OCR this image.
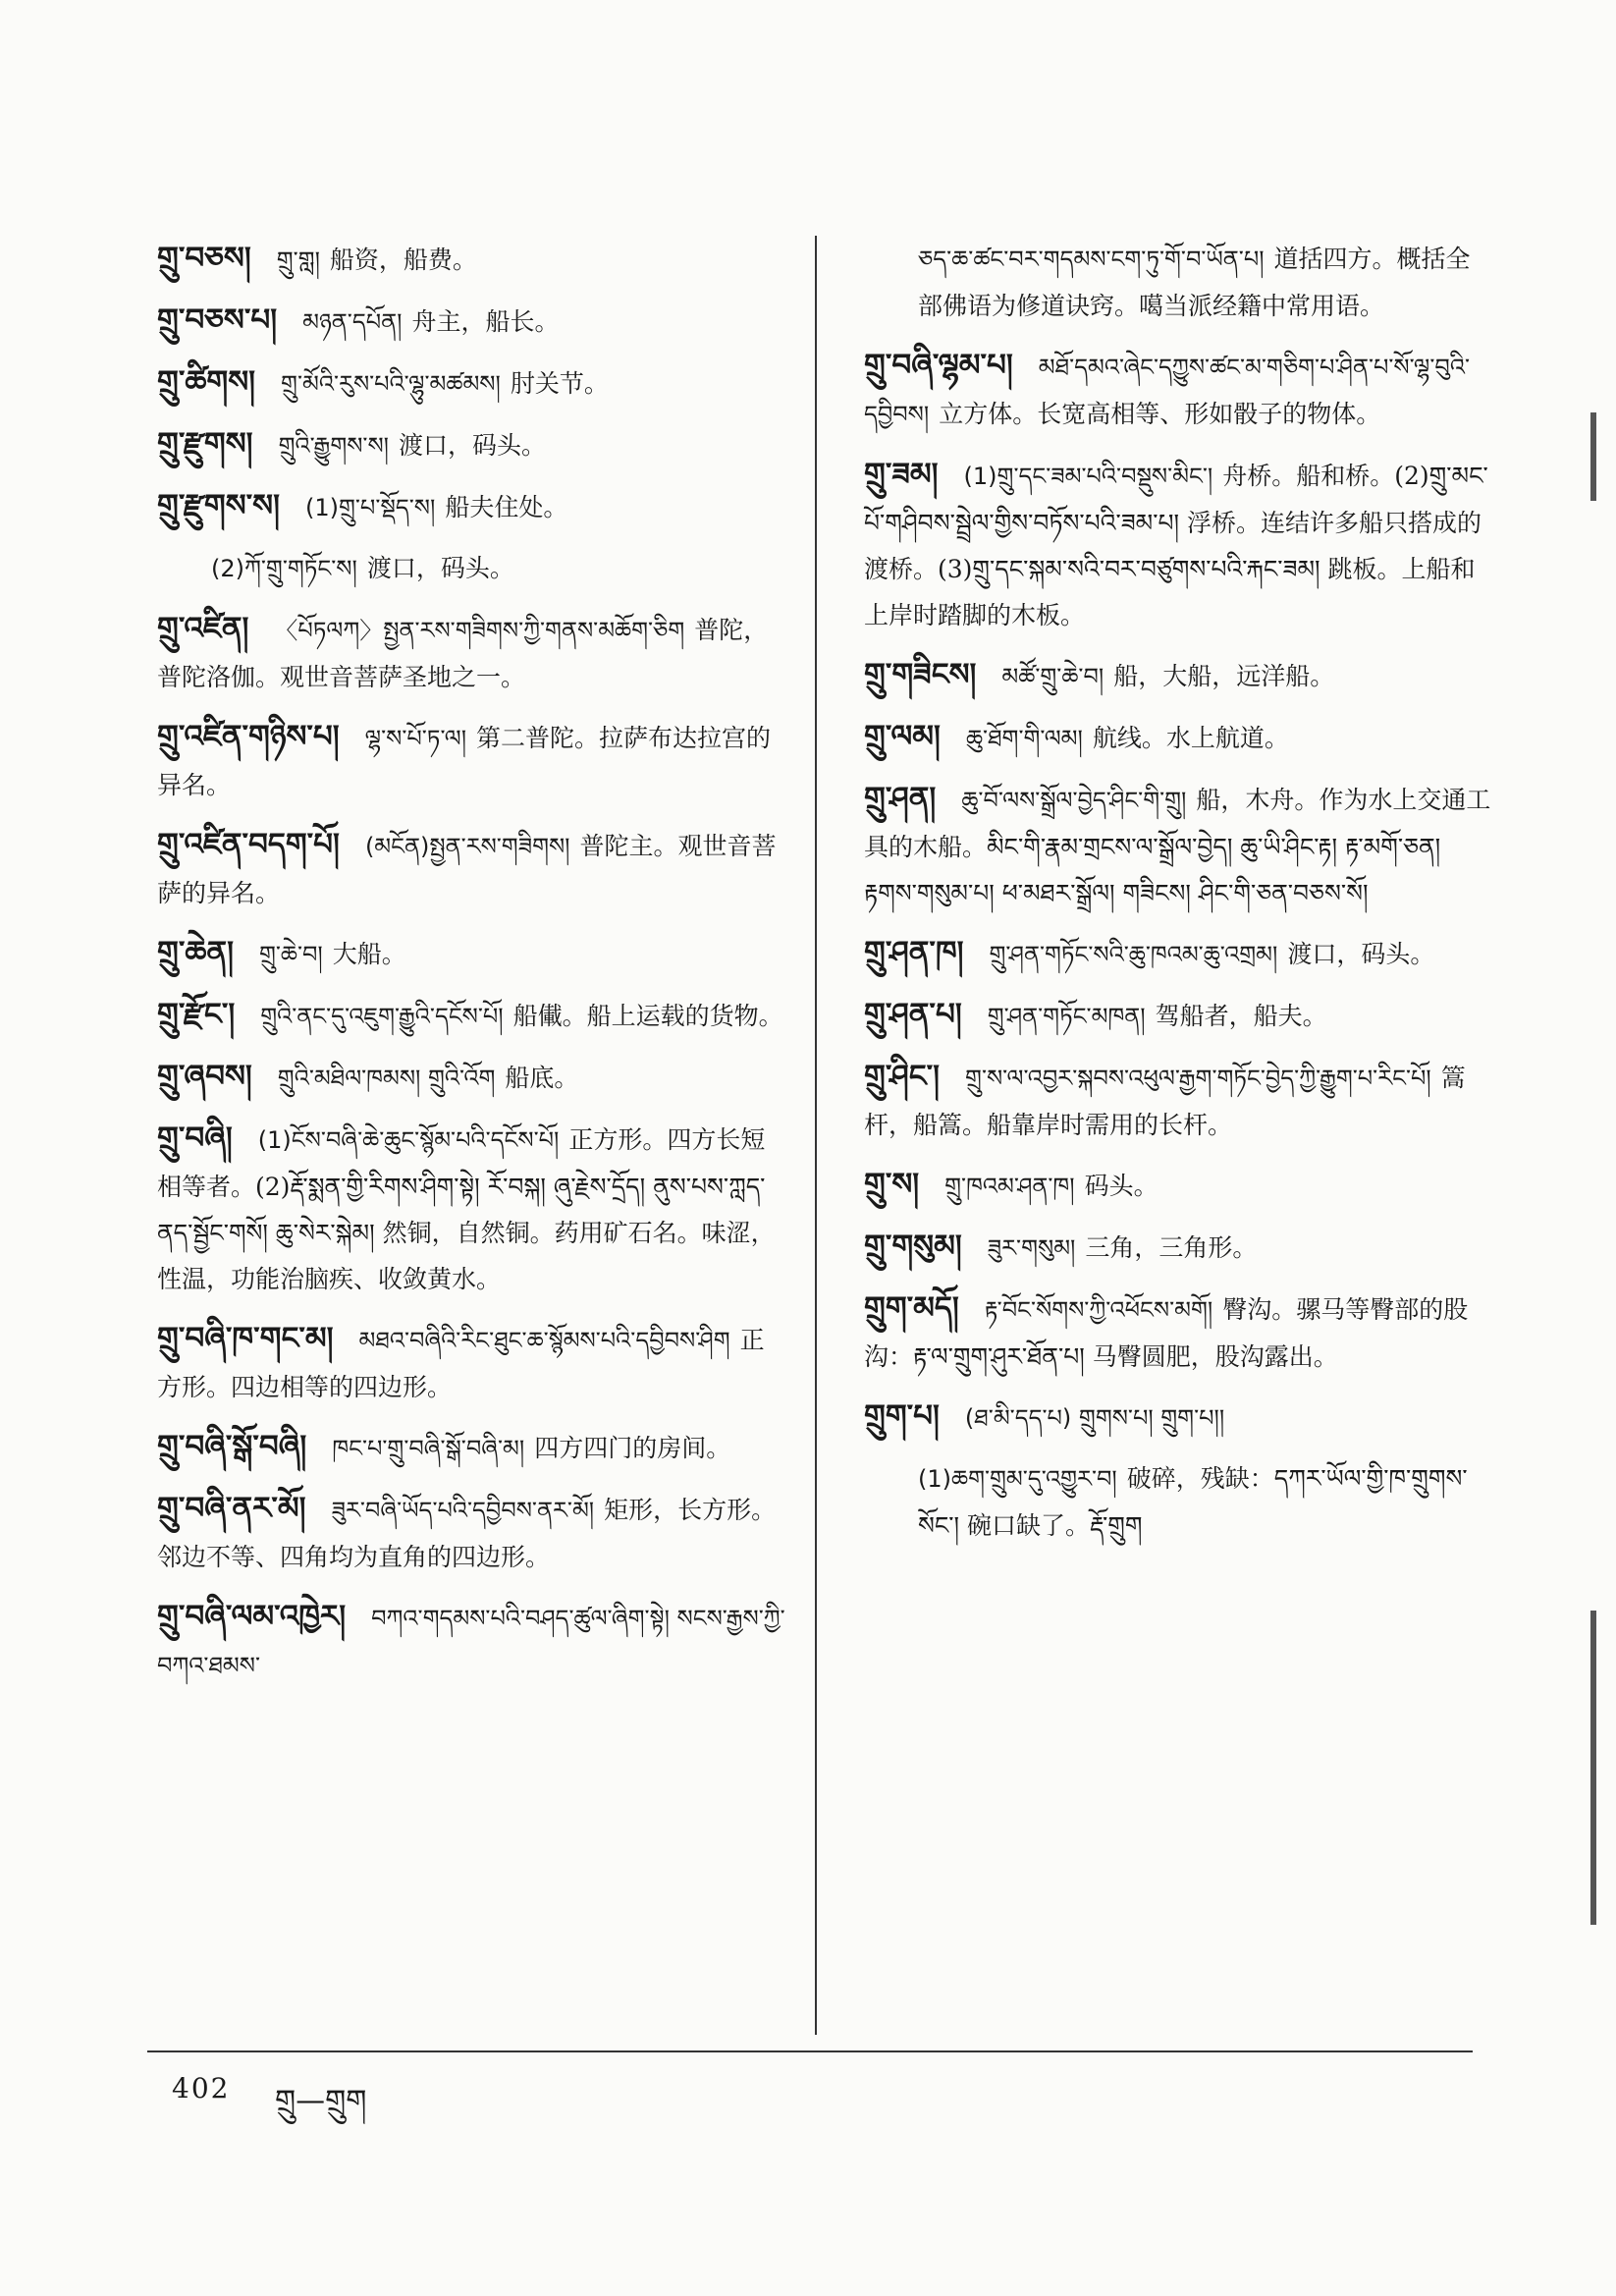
གྲུ་བཅས། གྲུ་གླ། 船资，船费。
གྲུ་བཅས་པ། མཉན་དཔོན། 舟主，船长。
གྲུ་ཚིགས། གྲུ་མོའི་རུས་པའི་ལྷུ་མཚམས། 肘关节。
གྲུ་རྫུགས། གྲུའི་རྒྱུགས་ས། 渡口，码头。
གྲུ་རྫུགས་ས། (1)གྲུ་པ་སྡོད་ས། 船夫住处。
(2)ཀོ་གྲུ་གཏོང་ས། 渡口，码头。
གྲུ་འཛིན། 〈པོཏལཀ〉སྤྱན་རས་གཟིགས་ཀྱི་གནས་མཆོག་ཅིག 普陀，普陀洛伽。观世音菩萨圣地之一。
གྲུ་འཛིན་གཉིས་པ། ལྷ་ས་པོ་ཏ་ལ། 第二普陀。拉萨布达拉宫的异名。
གྲུ་འཛིན་བདག་པོ། (མངོན)སྤྱན་རས་གཟིགས། 普陀主。观世音菩萨的异名。
གྲུ་ཆེན། གྲུ་ཆེ་བ། 大船。
གྲུ་རྫོང་། གྲུའི་ནང་དུ་འཇུག་རྒྱུའི་དངོས་པོ། 船儎。船上运载的货物。
གྲུ་ཞབས། གྲུའི་མཐིལ་ཁམས། གྲུའི་འོག 船底。
གྲུ་བཞི། (1)ངོས་བཞི་ཆེ་ཆུང་སྙོམ་པའི་དངོས་པོ། 正方形。四方长短相等者。(2)རྡོ་སྨན་གྱི་རིགས་ཤིག་སྟེ། རོ་བསྐ། ཞུ་རྗེས་དྲོད། ནུས་པས་ཀླད་ནད་སྦྱོང་གསོ། ཆུ་སེར་སྐེམ། 然铜，自然铜。药用矿石名。味涩，性温，功能治脑疾、收敛黄水。
གྲུ་བཞི་ཁ་གང་མ། མཐའ་བཞིའི་རིང་ཐུང་ཆ་སྙོམས་པའི་དབྱིབས་ཤིག 正方形。四边相等的四边形。
གྲུ་བཞི་སྒོ་བཞི། ཁང་པ་གྲུ་བཞི་སྒོ་བཞི་མ། 四方四门的房间。
གྲུ་བཞི་ནར་མོ། ཟུར་བཞི་ཡོད་པའི་དབྱིབས་ནར་མོ། 矩形，长方形。邻边不等、四角均为直角的四边形。
གྲུ་བཞི་ལམ་འཁྱེར། བཀའ་གདམས་པའི་བཤད་ཚུལ་ཞིག་སྟེ། སངས་རྒྱས་ཀྱི་བཀའ་ཐམས་
ཅད་ཆ་ཚང་བར་གདམས་ངག་ཏུ་གོ་བ་ཡོན་པ། 道括四方。概括全部佛语为修道诀窍。噶当派经籍中常用语。
གྲུ་བཞི་ལྷམ་པ། མཐོ་དམའ་ཞེང་དཀྱུས་ཚང་མ་གཅིག་པ་ཤིན་པ་སོ་ལྷ་བུའི་དབྱིབས། 立方体。长宽高相等、形如骰子的物体。
གྲུ་ཟམ། (1)གྲུ་དང་ཟམ་པའི་བསྡུས་མིང་། 舟桥。船和桥。(2)གྲུ་མང་པོ་གཤིབས་སྦྲེལ་གྱིས་བཏོས་པའི་ཟམ་པ། 浮桥。连结许多船只搭成的渡桥。(3)གྲུ་དང་སྐམ་སའི་བར་བཙུགས་པའི་རྐང་ཟམ། 跳板。上船和上岸时踏脚的木板。
གྲུ་གཟིངས། མཚོ་གྲུ་ཆེ་བ། 船，大船，远洋船。
གྲུ་ལམ། ཆུ་ཐོག་གི་ལམ། 航线。水上航道。
གྲུ་ཤན། ཆུ་བོ་ལས་སྒྲོལ་བྱེད་ཤིང་གི་གྲུ། 船，木舟。作为水上交通工具的木船。མིང་གི་རྣམ་གྲངས་ལ་སྒྲོལ་བྱེད། ཆུ་ཡི་ཤིང་རྟ། རྟ་མགོ་ཅན། རྟགས་གསུམ་པ། ཕ་མཐར་སྒྲོལ། གཟིངས། ཤིང་གི་ཅན་བཅས་སོ།
གྲུ་ཤན་ཁ། གྲུ་ཤན་གཏོང་སའི་ཆུ་ཁའམ་ཆུ་འགྲམ། 渡口，码头。
གྲུ་ཤན་པ། གྲུ་ཤན་གཏོང་མཁན། 驾船者，船夫。
གྲུ་ཤིང་། གྲུ་ས་ལ་འབྱར་སྐབས་འཕུལ་རྒྱག་གཏོང་བྱེད་ཀྱི་རྒྱུག་པ་རིང་པོ། 篙杆，船篙。船靠岸时需用的长杆。
གྲུ་ས། གྲུ་ཁའམ་ཤན་ཁ། 码头。
གྲུ་གསུམ། ཟུར་གསུམ། 三角，三角形。
གྲུག་མདོ། རྟ་བོང་སོགས་ཀྱི་འཕོངས་མགོ། 臀沟。骡马等臀部的股沟：རྟ་ལ་གྲུག་ཤུར་ཐོན་པ། 马臀圆肥，股沟露出。
གྲུག་པ། (ཐ་མི་དད་པ) གྲུགས་པ། གྲུག་པ།།
(1)ཆག་གྲུམ་དུ་འགྱུར་བ། 破碎，残缺：དཀར་ཡོལ་གྱི་ཁ་གྲུགས་སོང་། 碗口缺了。རྡོ་གྲུག
402 གྲུ—གྲུག
